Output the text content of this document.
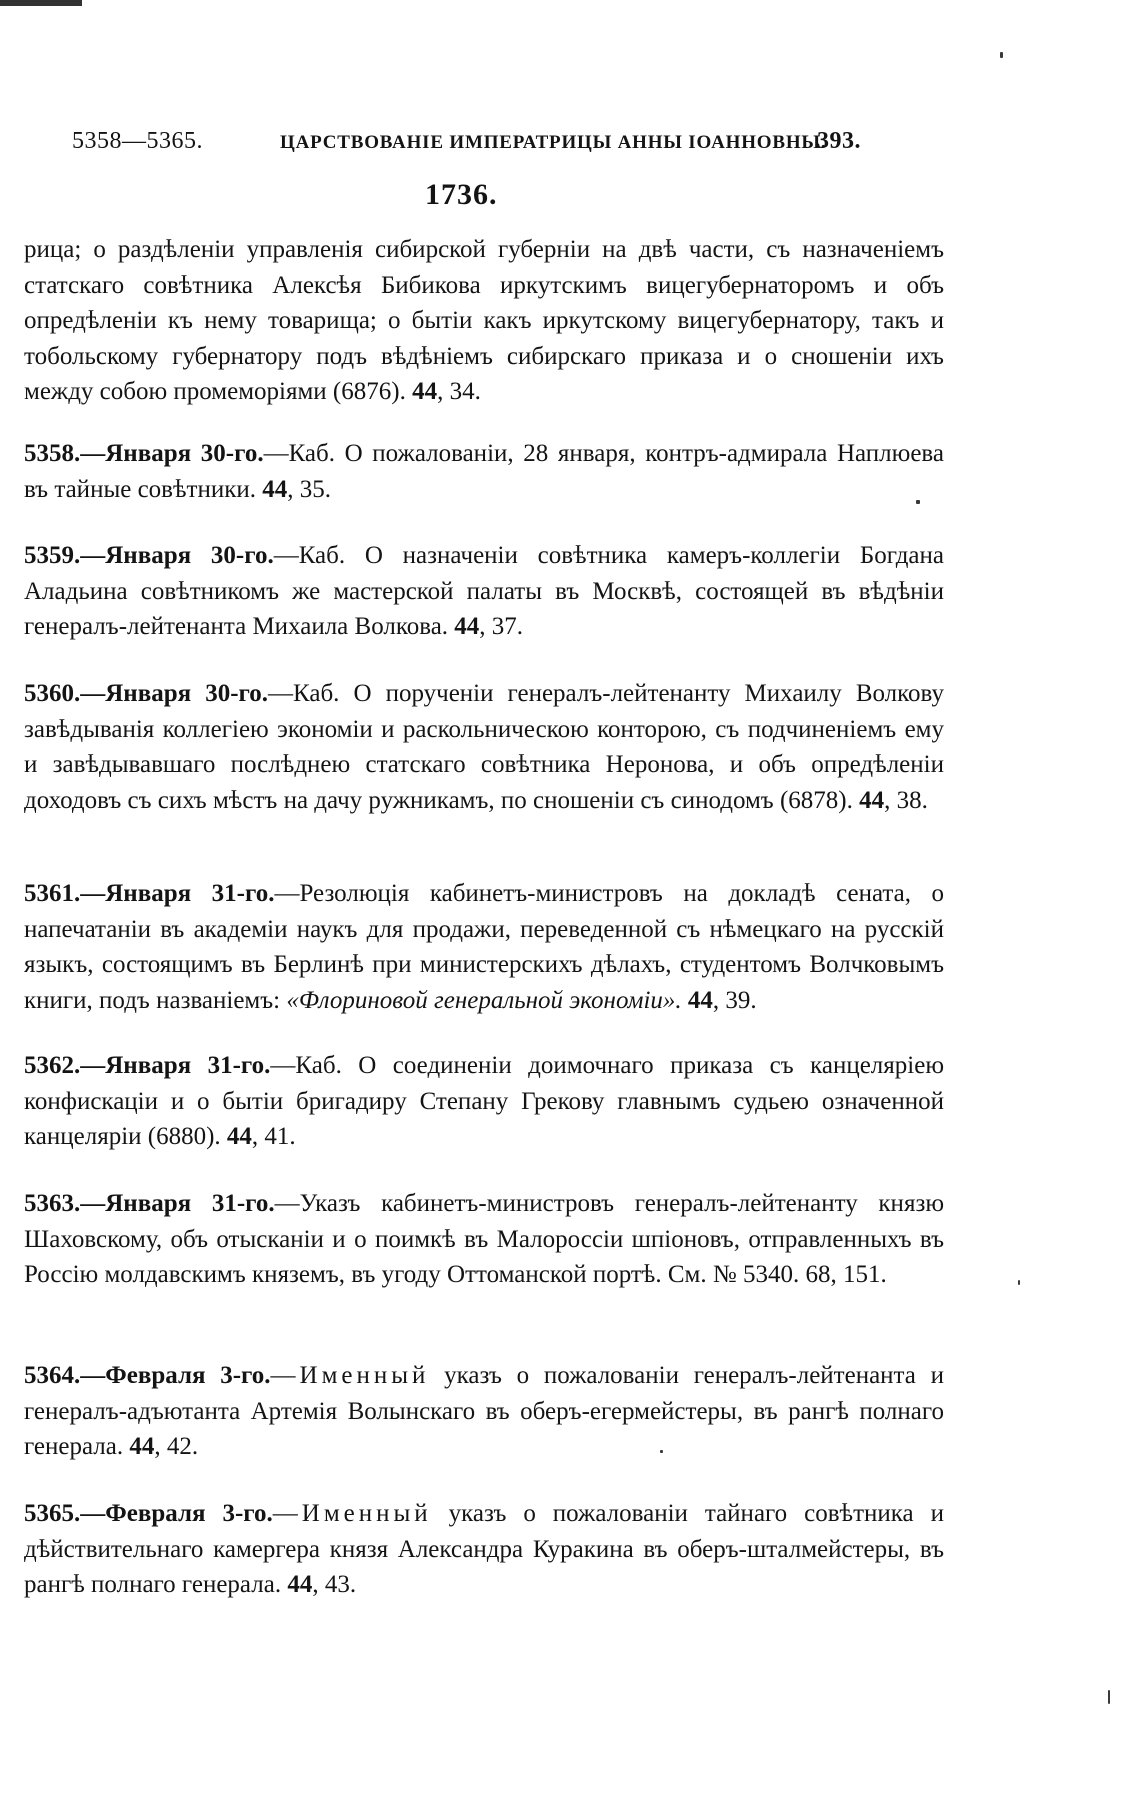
5358—5365.	ЦАРСТВОВАНІЕ ИМПЕРАТРИЦЫ АННЫ ІОАННОВНЫ.
393.
1736.

рица; о раздѣленіи управленія сибирской губерніи на двѣ части, съ назначеніемъ статскаго совѣтника Алексѣя Бибикова иркутскимъ вицегубернаторомъ и объ опредѣленіи къ нему товарища; о бытіи какъ иркутскому вицегубернатору, такъ и тобольскому губернатору подъ вѣдѣніемъ сибирскаго приказа и о сношеніи ихъ между собою промеморіями (6876). 44, 34.

5358.—Января 30-го.—Каб. О пожалованіи, 28 января, контръ-адмирала Наплюева въ тайные совѣтники. 44, 35.

5359.—Января 30-го.—Каб. О назначеніи совѣтника камеръ-коллегіи Богдана Аладьина совѣтникомъ же мастерской палаты въ Москвѣ, состоящей въ вѣдѣніи генералъ-лейтенанта Михаила Волкова. 44, 37.

5360.—Января 30-го.—Каб. О порученіи генералъ-лейтенанту Михаилу Волкову завѣдыванія коллегіею экономіи и раскольническою конторою, съ подчиненіемъ ему и завѣдывавшаго послѣднею статскаго совѣтника Неронова, и объ опредѣленіи доходовъ съ сихъ мѣстъ на дачу ружникамъ, по сношеніи съ синодомъ (6878). 44, 38.

5361.—Января 31-го.—Резолюція кабинетъ-министровъ на докладѣ сената, о напечатаніи въ академіи наукъ для продажи, переведенной съ нѣмецкаго на русскій языкъ, состоящимъ въ Берлинѣ при министерскихъ дѣлахъ, студентомъ Волчковымъ книги, подъ названіемъ: «Флориновой генеральной экономіи». 44, 39.

5362.—Января 31-го.—Каб. О соединеніи доимочнаго приказа съ канцеляріею конфискаціи и о бытіи бригадиру Степану Грекову главнымъ судьею означенной канцеляріи (6880). 44, 41.

5363.—Января 31-го.—Указъ кабинетъ-министровъ генералъ-лейтенанту князю Шаховскому, объ отысканіи и о поимкѣ въ Малороссіи шпіоновъ, отправленныхъ въ Россію молдавскимъ княземъ, въ угоду Оттоманской портѣ. См. № 5340. 68, 151.

5364.—Февраля 3-го.—Именный указъ о пожалованіи генералъ-лейтенанта и генералъ-адъютанта Артемія Волынскаго въ оберъ-егермейстеры, въ рангѣ полнаго генерала. 44, 42.

5365.—Февраля 3-го.—Именный указъ о пожалованіи тайнаго совѣтника и дѣйствительнаго камергера князя Александра Куракина въ оберъ-шталмейстеры, въ рангѣ полнаго генерала. 44, 43.
